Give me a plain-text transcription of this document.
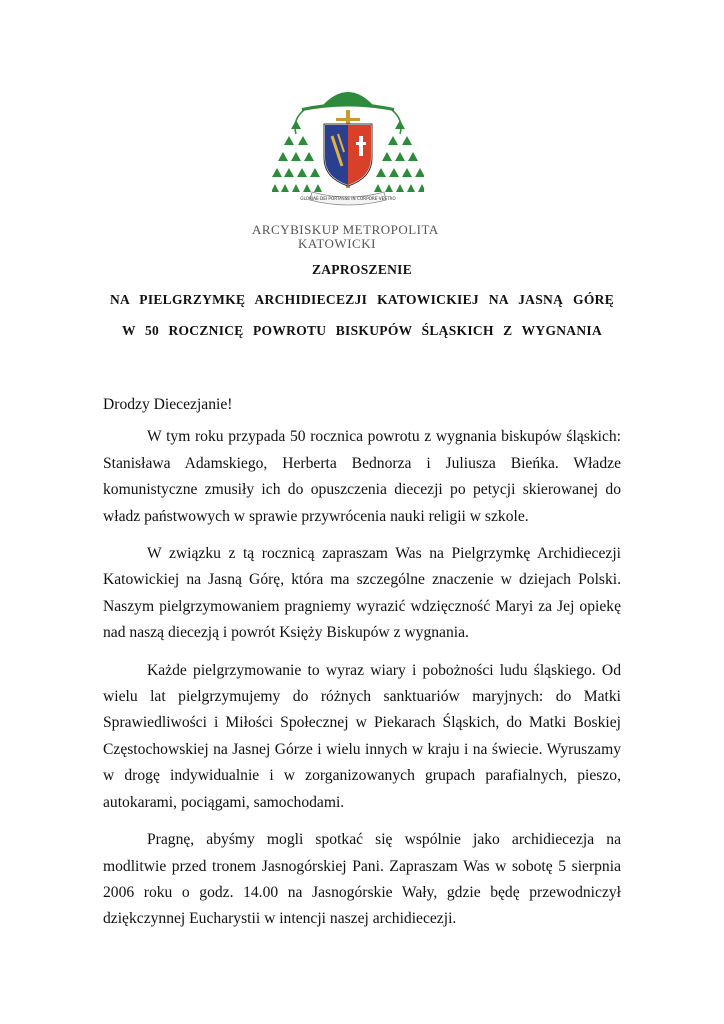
GLORIAE DEI PORTASSE IN CORPORE VESTRO
ARCYBISKUP METROPOLITA
KATOWICKI
ZAPROSZENIE
NA PIELGRZYMKĘ ARCHIDIECEZJI KATOWICKIEJ NA JASNĄ GÓRĘ
W 50 ROCZNICĘ POWROTU BISKUPÓW ŚLĄSKICH Z WYGNANIA

Drodzy Diecezjanie!

W tym roku przypada 50 rocznica powrotu z wygnania biskupów śląskich: Stanisława Adamskiego, Herberta Bednorza i Juliusza Bieńka. Władze komunistyczne zmusiły ich do opuszczenia diecezji po petycji skierowanej do władz państwowych w sprawie przywrócenia nauki religii w szkole.

W związku z tą rocznicą zapraszam Was na Pielgrzymkę Archidiecezji Katowickiej na Jasną Górę, która ma szczególne znaczenie w dziejach Polski. Naszym pielgrzymowaniem pragniemy wyrazić wdzięczność Maryi za Jej opiekę nad naszą diecezją i powrót Księży Biskupów z wygnania.

Każde pielgrzymowanie to wyraz wiary i pobożności ludu śląskiego. Od wielu lat pielgrzymujemy do różnych sanktuariów maryjnych: do Matki Sprawiedliwości i Miłości Społecznej w Piekarach Śląskich, do Matki Boskiej Częstochowskiej na Jasnej Górze i wielu innych w kraju i na świecie. Wyruszamy w drogę indywidualnie i w zorganizowanych grupach parafialnych, pieszo, autokarami, pociągami, samochodami.

Pragnę, abyśmy mogli spotkać się wspólnie jako archidiecezja na modlitwie przed tronem Jasnogórskiej Pani. Zapraszam Was w sobotę 5 sierpnia 2006 roku o godz. 14.00 na Jasnogórskie Wały, gdzie będę przewodniczył dziękczynnej Eucharystii w intencji naszej archidiecezji.
